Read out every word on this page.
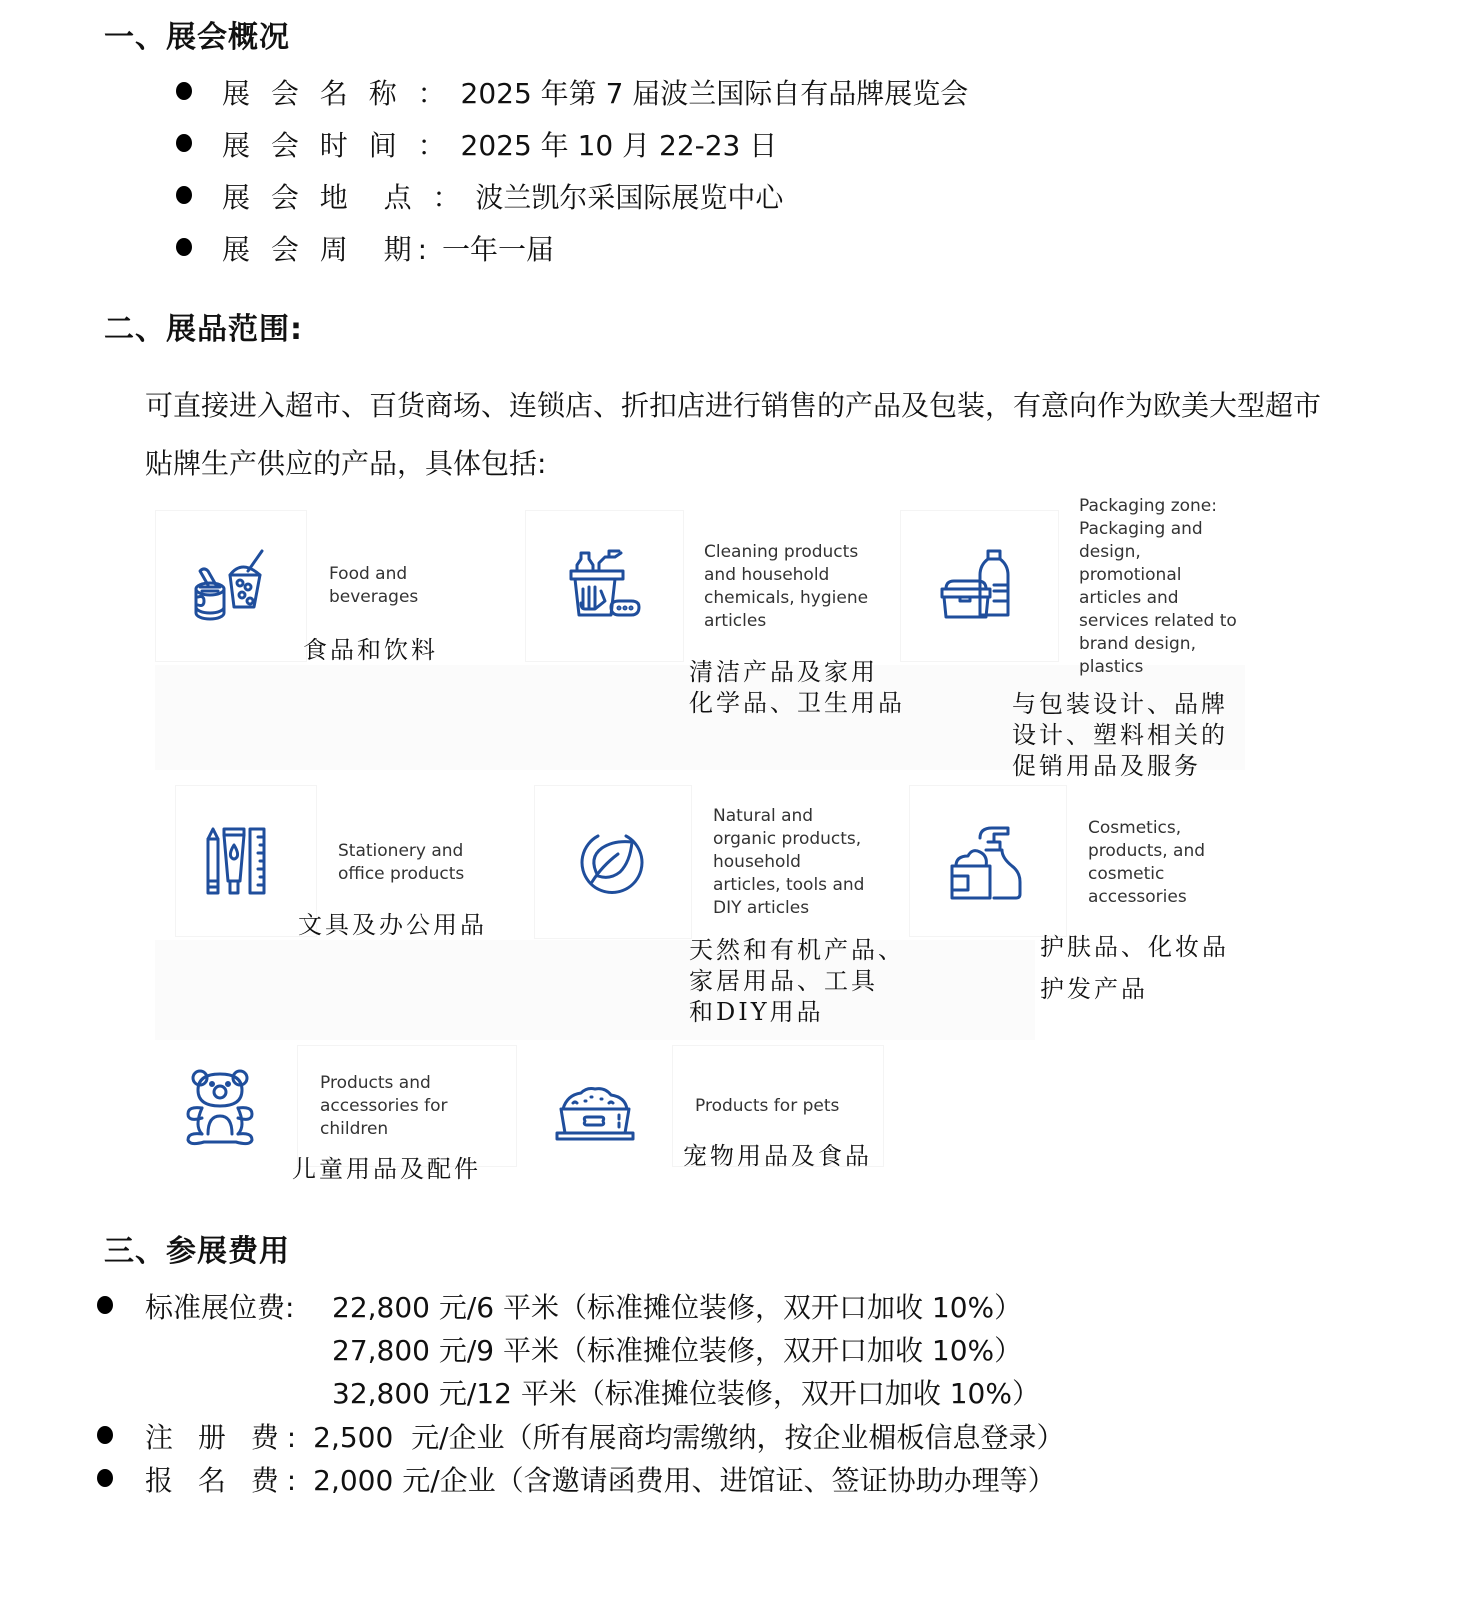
一、展会概况
展 会 名 称 ： 2025 年第 7 届波兰国际自有品牌展览会
展 会 时 间 ： 2025 年 10 月 22-23 日
展 会 地  点 ： 波兰凯尔采国际展览中心
展 会 周  期: 一年一届
二、展品范围:
可直接进入超市、百货商场、连锁店、折扣店进行销售的产品及包装，有意向作为欧美大型超市
贴牌生产供应的产品，具体包括:
Food and beverages
食品和饮料
Cleaning products and household chemicals, hygiene articles
清洁产品及家用
化学品、卫生用品
Packaging zone: Packaging and design, promotional articles and services related to brand design, plastics
与包装设计、品牌
设计、塑料相关的
促销用品及服务
Stationery and office products
文具及办公用品
Natural and organic products, household articles, tools and DIY articles
天然和有机产品、
家居用品、工具
和DIY用品
Cosmetics, products, and cosmetic accessories
护肤品、化妆品
护发产品
Products and accessories for children
儿童用品及配件
Products for pets
宠物用品及食品
三、参展费用
标准展位费: 22,800 元/6 平米（标准摊位装修，双开口加收 10%）
27,800 元/9 平米（标准摊位装修，双开口加收 10%）
32,800 元/12 平米（标准摊位装修，双开口加收 10%）
注 册 费: 2,500  元/企业（所有展商均需缴纳，按企业楣板信息登录）
报 名 费: 2,000 元/企业（含邀请函费用、进馆证、签证协助办理等）
